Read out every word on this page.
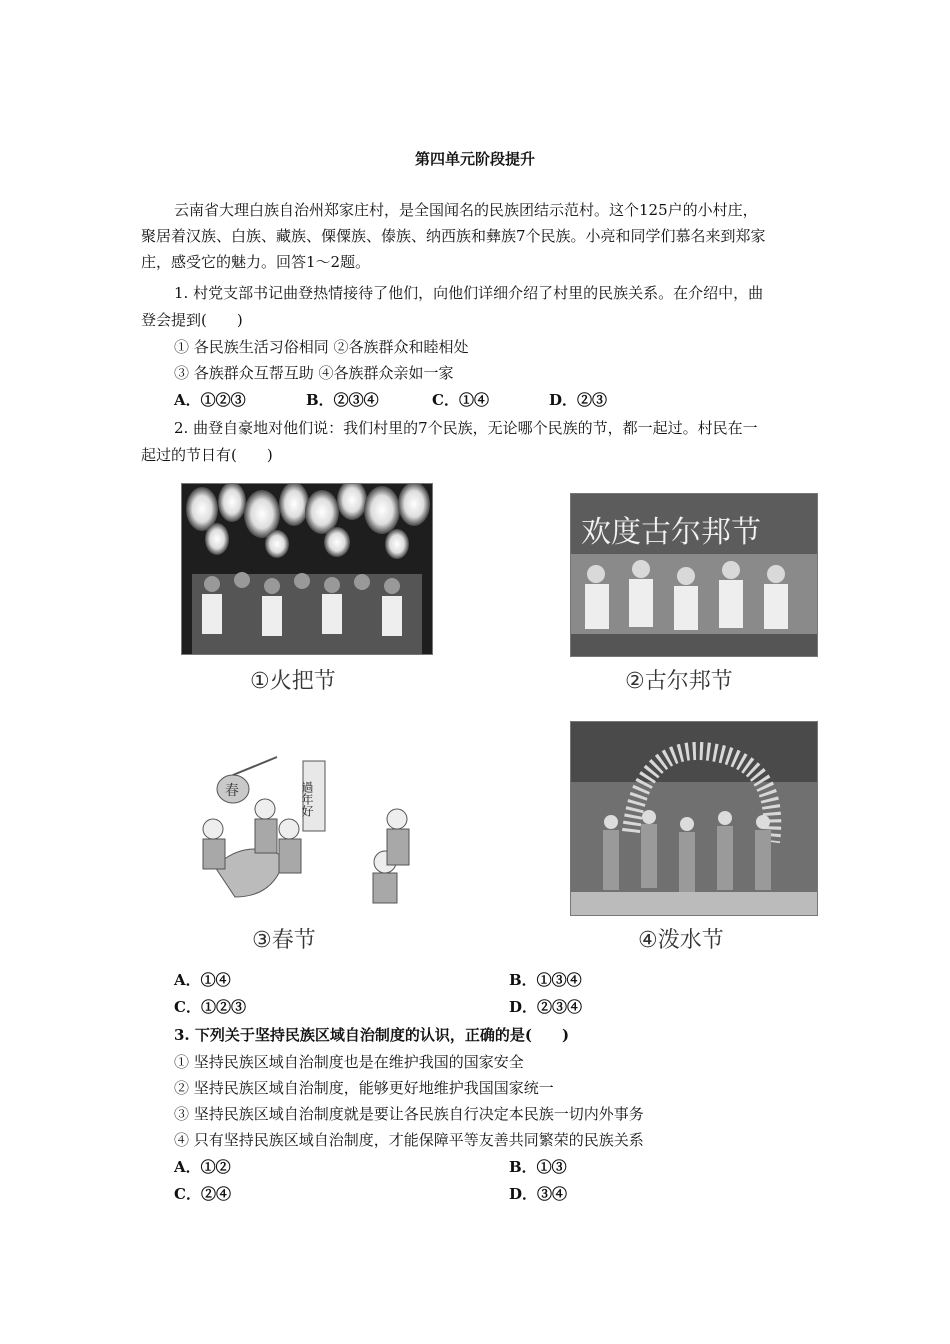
第四单元阶段提升
云南省大理白族自治州郑家庄村，是全国闻名的民族团结示范村。这个125户的小村庄，
聚居着汉族、白族、藏族、傈僳族、傣族、纳西族和彝族7个民族。小亮和同学们慕名来到郑家
庄，感受它的魅力。回答1～2题。
1. 村党支部书记曲登热情接待了他们，向他们详细介绍了村里的民族关系。在介绍中，曲
登会提到(　　)
① 各民族生活习俗相同 ②各族群众和睦相处
③ 各族群众互帮互助 ④各族群众亲如一家
A．①②③	B．②③④	C．①④	D．②③
2. 曲登自豪地对他们说：我们村里的7个民族，无论哪个民族的节，都一起过。村民在一
起过的节日有(　　)
①火把节
欢度古尔邦节
②古尔邦节
春	過年好
③春节	④泼水节
A．①④	B．①③④
C．①②③	D．②③④
3. 下列关于坚持民族区域自治制度的认识，正确的是(　　)
① 坚持民族区域自治制度也是在维护我国的国家安全
② 坚持民族区域自治制度，能够更好地维护我国国家统一
③ 坚持民族区域自治制度就是要让各民族自行决定本民族一切内外事务
④ 只有坚持民族区域自治制度，才能保障平等友善共同繁荣的民族关系
A．①②	B．①③
C．②④	D．③④
